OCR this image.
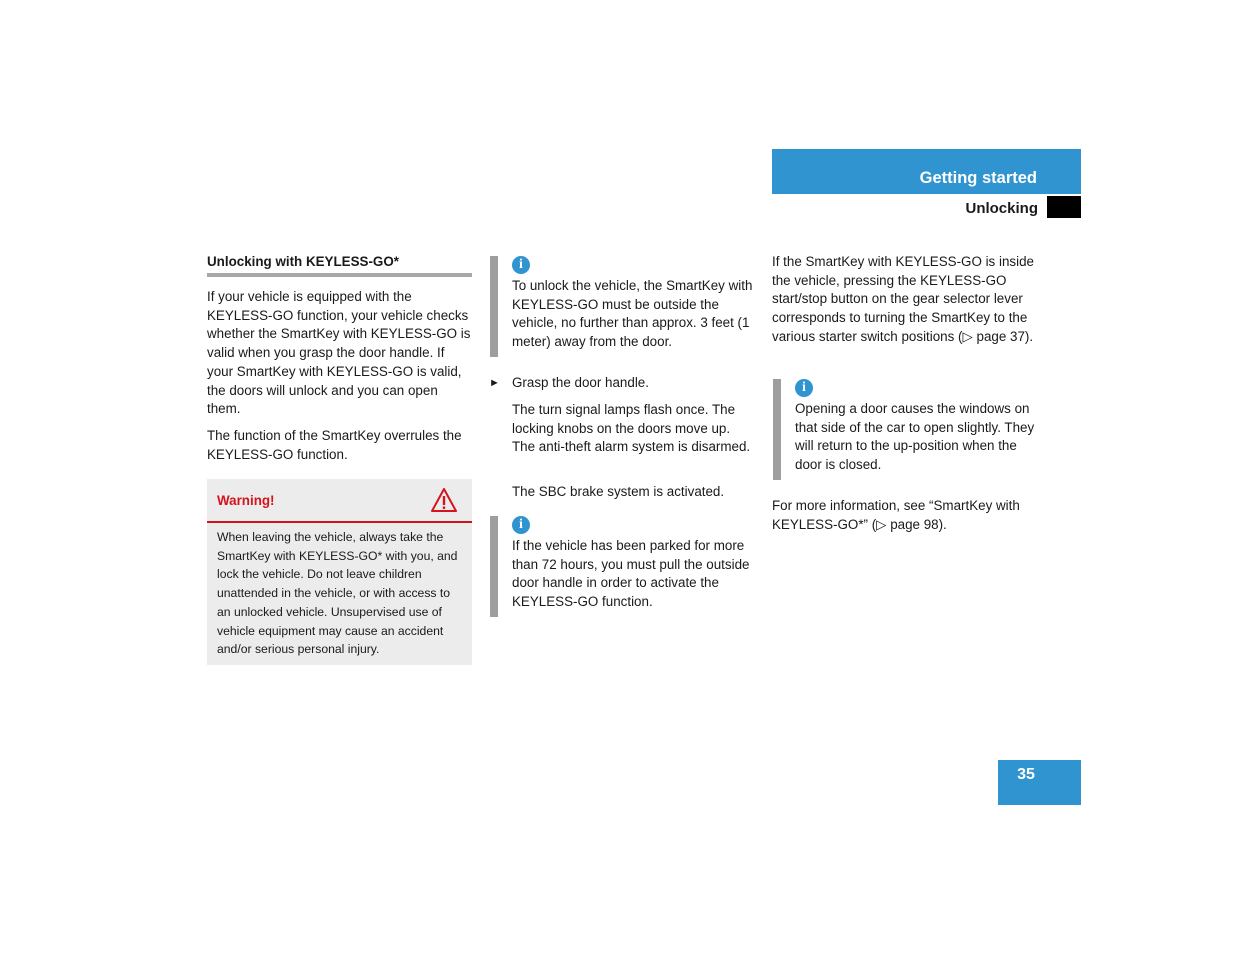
Getting started
Unlocking
Unlocking with KEYLESS-GO*

If your vehicle is equipped with the KEYLESS-GO function, your vehicle checks whether the SmartKey with KEYLESS-GO is valid when you grasp the door handle. If your SmartKey with KEYLESS-GO is valid, the doors will unlock and you can open them.

The function of the SmartKey overrules the KEYLESS-GO function.

Warning!
When leaving the vehicle, always take the SmartKey with KEYLESS-GO* with you, and lock the vehicle. Do not leave children unattended in the vehicle, or with access to an unlocked vehicle. Unsupervised use of vehicle equipment may cause an accident and/or serious personal injury.
i

To unlock the vehicle, the SmartKey with KEYLESS-GO must be outside the vehicle, no further than approx. 3 feet (1 meter) away from the door.

► Grasp the door handle.

The turn signal lamps flash once. The locking knobs on the doors move up. The anti-theft alarm system is disarmed.

The SBC brake system is activated.

i

If the vehicle has been parked for more than 72 hours, you must pull the outside door handle in order to activate the KEYLESS-GO function.

If the SmartKey with KEYLESS-GO is inside the vehicle, pressing the KEYLESS-GO start/stop button on the gear selector lever corresponds to turning the SmartKey to the various starter switch positions (▷ page 37).

i

Opening a door causes the windows on that side of the car to open slightly. They will return to the up-position when the door is closed.

For more information, see “SmartKey with KEYLESS-GO*” (▷ page 98).

35
